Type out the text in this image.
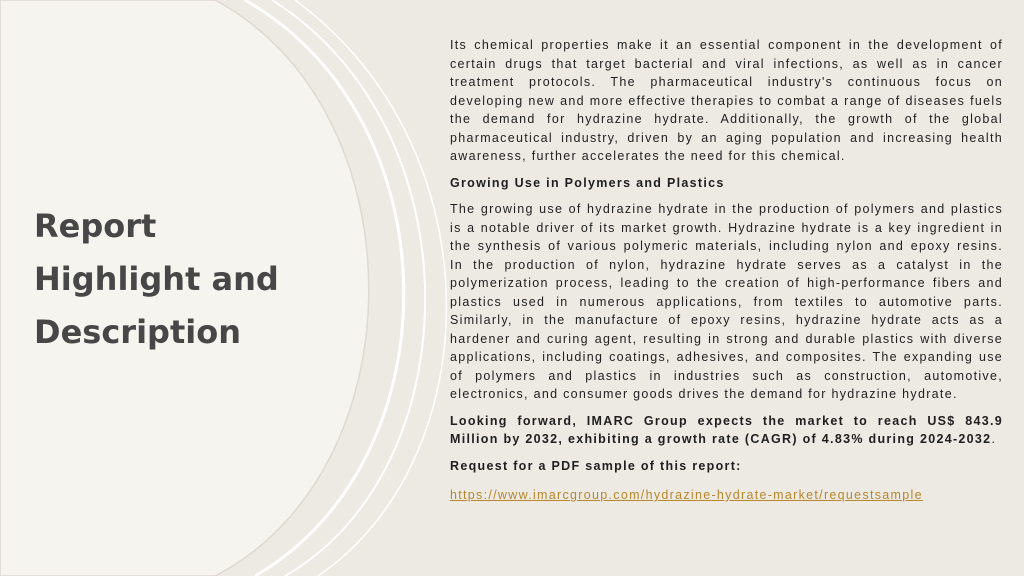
Report
Highlight and
Description

Its chemical properties make it an essential component in the development of certain drugs that target bacterial and viral infections, as well as in cancer treatment protocols. The pharmaceutical industry's continuous focus on developing new and more effective therapies to combat a range of diseases fuels the demand for hydrazine hydrate. Additionally, the growth of the global pharmaceutical industry, driven by an aging population and increasing health awareness, further accelerates the need for this chemical.

Growing Use in Polymers and Plastics

The growing use of hydrazine hydrate in the production of polymers and plastics is a notable driver of its market growth. Hydrazine hydrate is a key ingredient in the synthesis of various polymeric materials, including nylon and epoxy resins. In the production of nylon, hydrazine hydrate serves as a catalyst in the polymerization process, leading to the creation of high-performance fibers and plastics used in numerous applications, from textiles to automotive parts. Similarly, in the manufacture of epoxy resins, hydrazine hydrate acts as a hardener and curing agent, resulting in strong and durable plastics with diverse applications, including coatings, adhesives, and composites. The expanding use of polymers and plastics in industries such as construction, automotive, electronics, and consumer goods drives the demand for hydrazine hydrate.

Looking forward, IMARC Group expects the market to reach US$ 843.9 Million by 2032, exhibiting a growth rate (CAGR) of 4.83% during 2024-2032.

Request for a PDF sample of this report:

https://www.imarcgroup.com/hydrazine-hydrate-market/requestsample
